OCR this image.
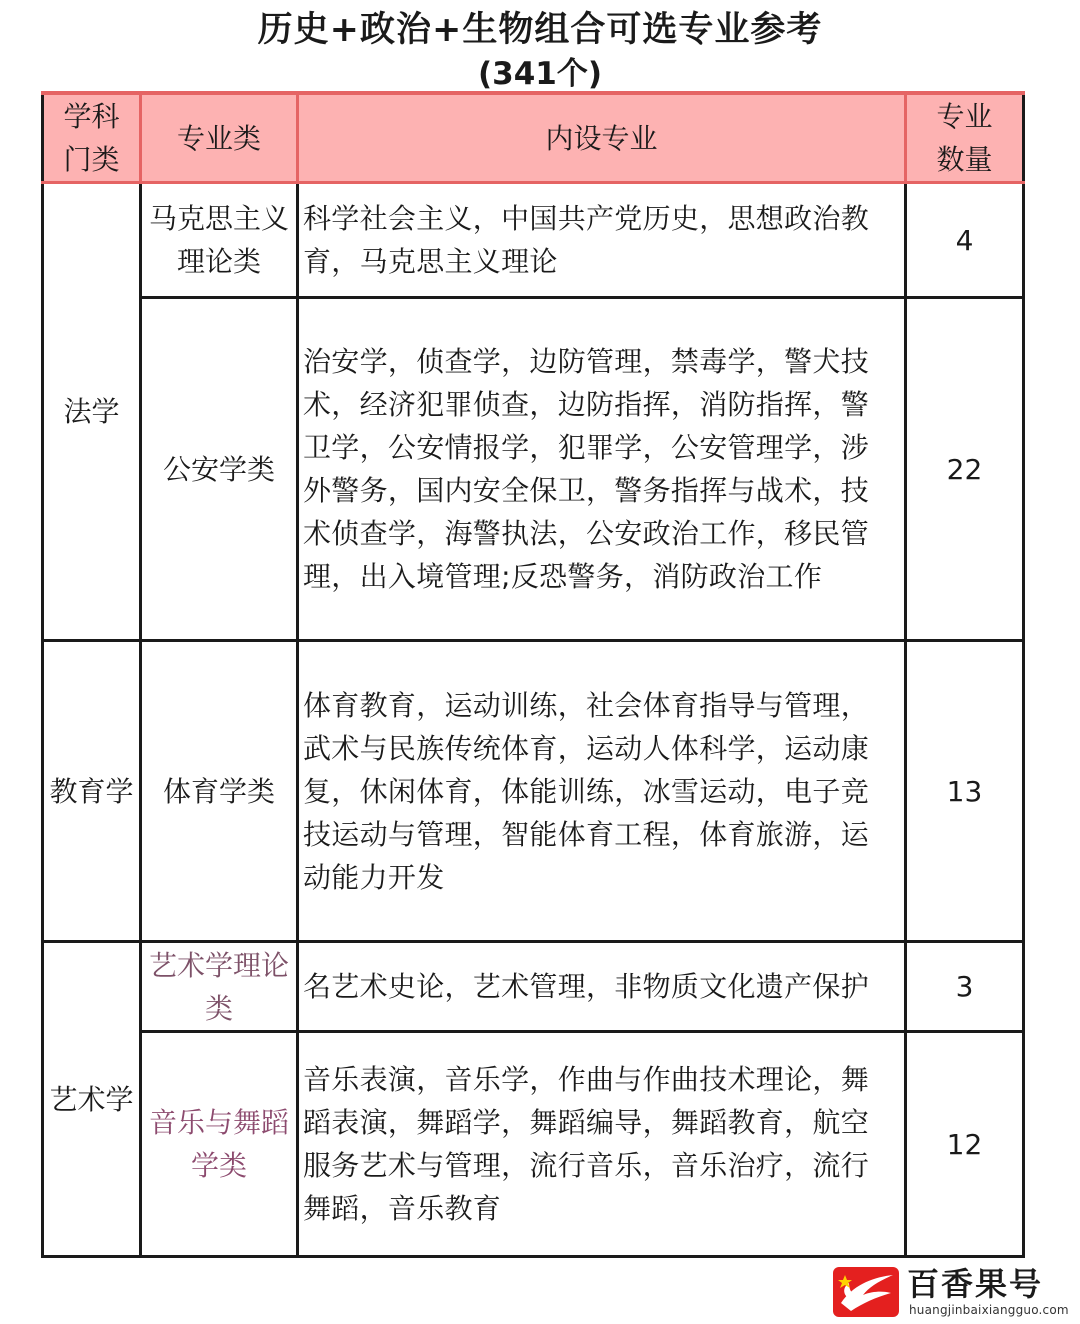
历史+政治+生物组合可选专业参考
(341个)
学科门类	专业类	内设专业	专业数量
法学	马克思主义理论类	科学社会主义，中国共产党历史，思想政治教育，马克思主义理论	4
	公安学类	治安学，侦查学，边防管理，禁毒学，警犬技术，经济犯罪侦查，边防指挥，消防指挥，警卫学，公安情报学，犯罪学，公安管理学，涉外警务，国内安全保卫，警务指挥与战术，技术侦查学，海警执法，公安政治工作，移民管理，出入境管理;反恐警务，消防政治工作	22
教育学	体育学类	体育教育，运动训练，社会体育指导与管理，武术与民族传统体育，运动人体科学，运动康复，休闲体育，体能训练，冰雪运动，电子竞技运动与管理，智能体育工程，体育旅游，运动能力开发	13
艺术学	艺术学理论类	名艺术史论，艺术管理，非物质文化遗产保护	3
	音乐与舞蹈学类	音乐表演，音乐学，作曲与作曲技术理论，舞蹈表演，舞蹈学，舞蹈编导，舞蹈教育，航空服务艺术与管理，流行音乐，音乐治疗，流行舞蹈，音乐教育	12
百香果号
huangjinbaixiangguo.com
